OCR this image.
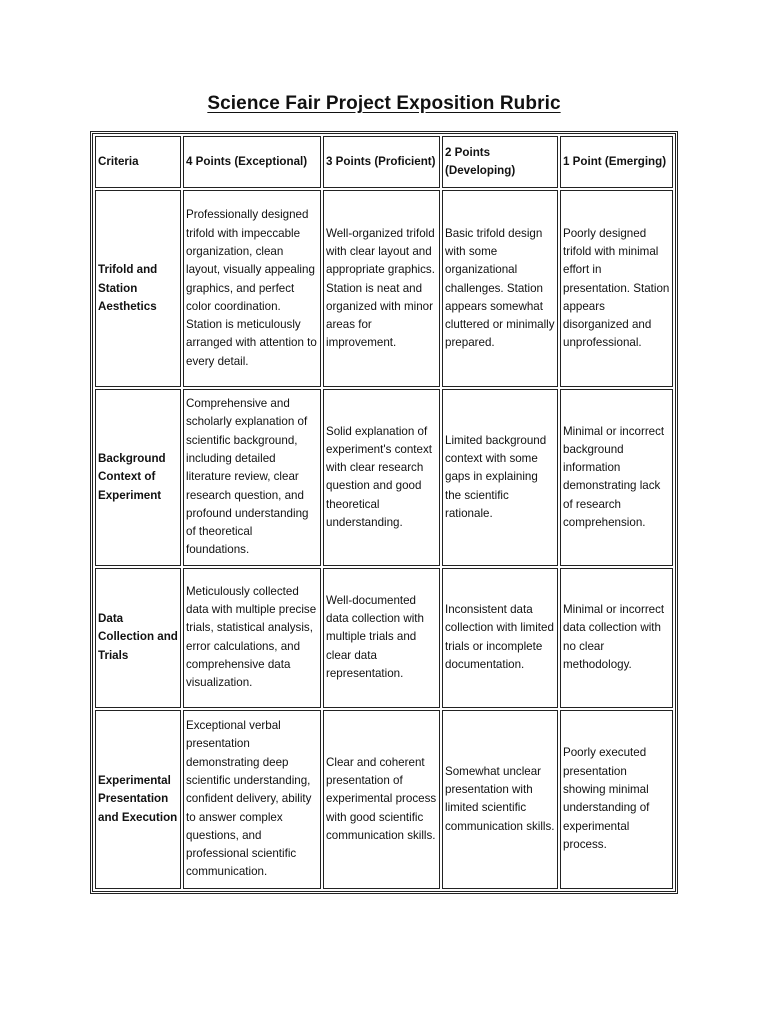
Science Fair Project Exposition Rubric
Criteria	4 Points (Exceptional)	3 Points (Proficient)	2 Points (Developing)	1 Point (Emerging)
Trifold and Station Aesthetics	Professionally designed trifold with impeccable organization, clean layout, visually appealing graphics, and perfect color coordination. Station is meticulously arranged with attention to every detail.	Well-organized trifold with clear layout and appropriate graphics. Station is neat and organized with minor areas for improvement.	Basic trifold design with some organizational challenges. Station appears somewhat cluttered or minimally prepared.	Poorly designed trifold with minimal effort in presentation. Station appears disorganized and unprofessional.
Background Context of Experiment	Comprehensive and scholarly explanation of scientific background, including detailed literature review, clear research question, and profound understanding of theoretical foundations.	Solid explanation of experiment's context with clear research question and good theoretical understanding.	Limited background context with some gaps in explaining the scientific rationale.	Minimal or incorrect background information demonstrating lack of research comprehension.
Data Collection and Trials	Meticulously collected data with multiple precise trials, statistical analysis, error calculations, and comprehensive data visualization.	Well-documented data collection with multiple trials and clear data representation.	Inconsistent data collection with limited trials or incomplete documentation.	Minimal or incorrect data collection with no clear methodology.
Experimental Presentation and Execution	Exceptional verbal presentation demonstrating deep scientific understanding, confident delivery, ability to answer complex questions, and professional scientific communication.	Clear and coherent presentation of experimental process with good scientific communication skills.	Somewhat unclear presentation with limited scientific communication skills.	Poorly executed presentation showing minimal understanding of experimental process.
